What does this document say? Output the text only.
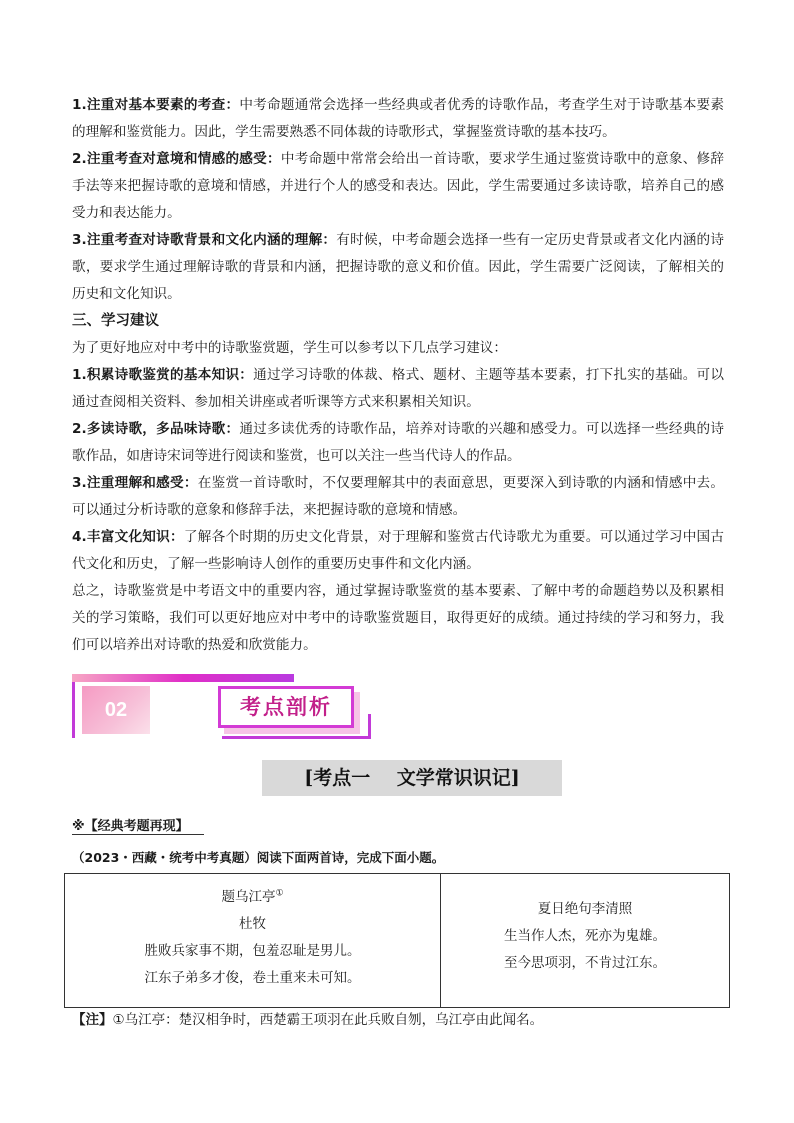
1.注重对基本要素的考查：中考命题通常会选择一些经典或者优秀的诗歌作品，考查学生对于诗歌基本要素的理解和鉴赏能力。因此，学生需要熟悉不同体裁的诗歌形式，掌握鉴赏诗歌的基本技巧。

2.注重考查对意境和情感的感受：中考命题中常常会给出一首诗歌，要求学生通过鉴赏诗歌中的意象、修辞手法等来把握诗歌的意境和情感，并进行个人的感受和表达。因此，学生需要通过多读诗歌，培养自己的感受力和表达能力。

3.注重考查对诗歌背景和文化内涵的理解：有时候，中考命题会选择一些有一定历史背景或者文化内涵的诗歌，要求学生通过理解诗歌的背景和内涵，把握诗歌的意义和价值。因此，学生需要广泛阅读，了解相关的历史和文化知识。

三、学习建议

为了更好地应对中考中的诗歌鉴赏题，学生可以参考以下几点学习建议：

1.积累诗歌鉴赏的基本知识：通过学习诗歌的体裁、格式、题材、主题等基本要素，打下扎实的基础。可以通过查阅相关资料、参加相关讲座或者听课等方式来积累相关知识。

2.多读诗歌，多品味诗歌：通过多读优秀的诗歌作品，培养对诗歌的兴趣和感受力。可以选择一些经典的诗歌作品，如唐诗宋词等进行阅读和鉴赏，也可以关注一些当代诗人的作品。

3.注重理解和感受：在鉴赏一首诗歌时，不仅要理解其中的表面意思，更要深入到诗歌的内涵和情感中去。可以通过分析诗歌的意象和修辞手法，来把握诗歌的意境和情感。

4.丰富文化知识：了解各个时期的历史文化背景，对于理解和鉴赏古代诗歌尤为重要。可以通过学习中国古代文化和历史，了解一些影响诗人创作的重要历史事件和文化内涵。

总之，诗歌鉴赏是中考语文中的重要内容，通过掌握诗歌鉴赏的基本要素、了解中考的命题趋势以及积累相关的学习策略，我们可以更好地应对中考中的诗歌鉴赏题目，取得更好的成绩。通过持续的学习和努力，我们可以培养出对诗歌的热爱和欣赏能力。

02	考点剖析
[考点一    文学常识识记]
※【经典考题再现】
（2023・西藏・统考中考真题）阅读下面两首诗，完成下面小题。
题乌江亭①
杜牧
胜败兵家事不期，包羞忍耻是男儿。
江东子弟多才俊，卷土重来未可知。
夏日绝句李清照
生当作人杰，死亦为鬼雄。
至今思项羽，不肯过江东。
【注】①乌江亭：楚汉相争时，西楚霸王项羽在此兵败自刎，乌江亭由此闻名。
